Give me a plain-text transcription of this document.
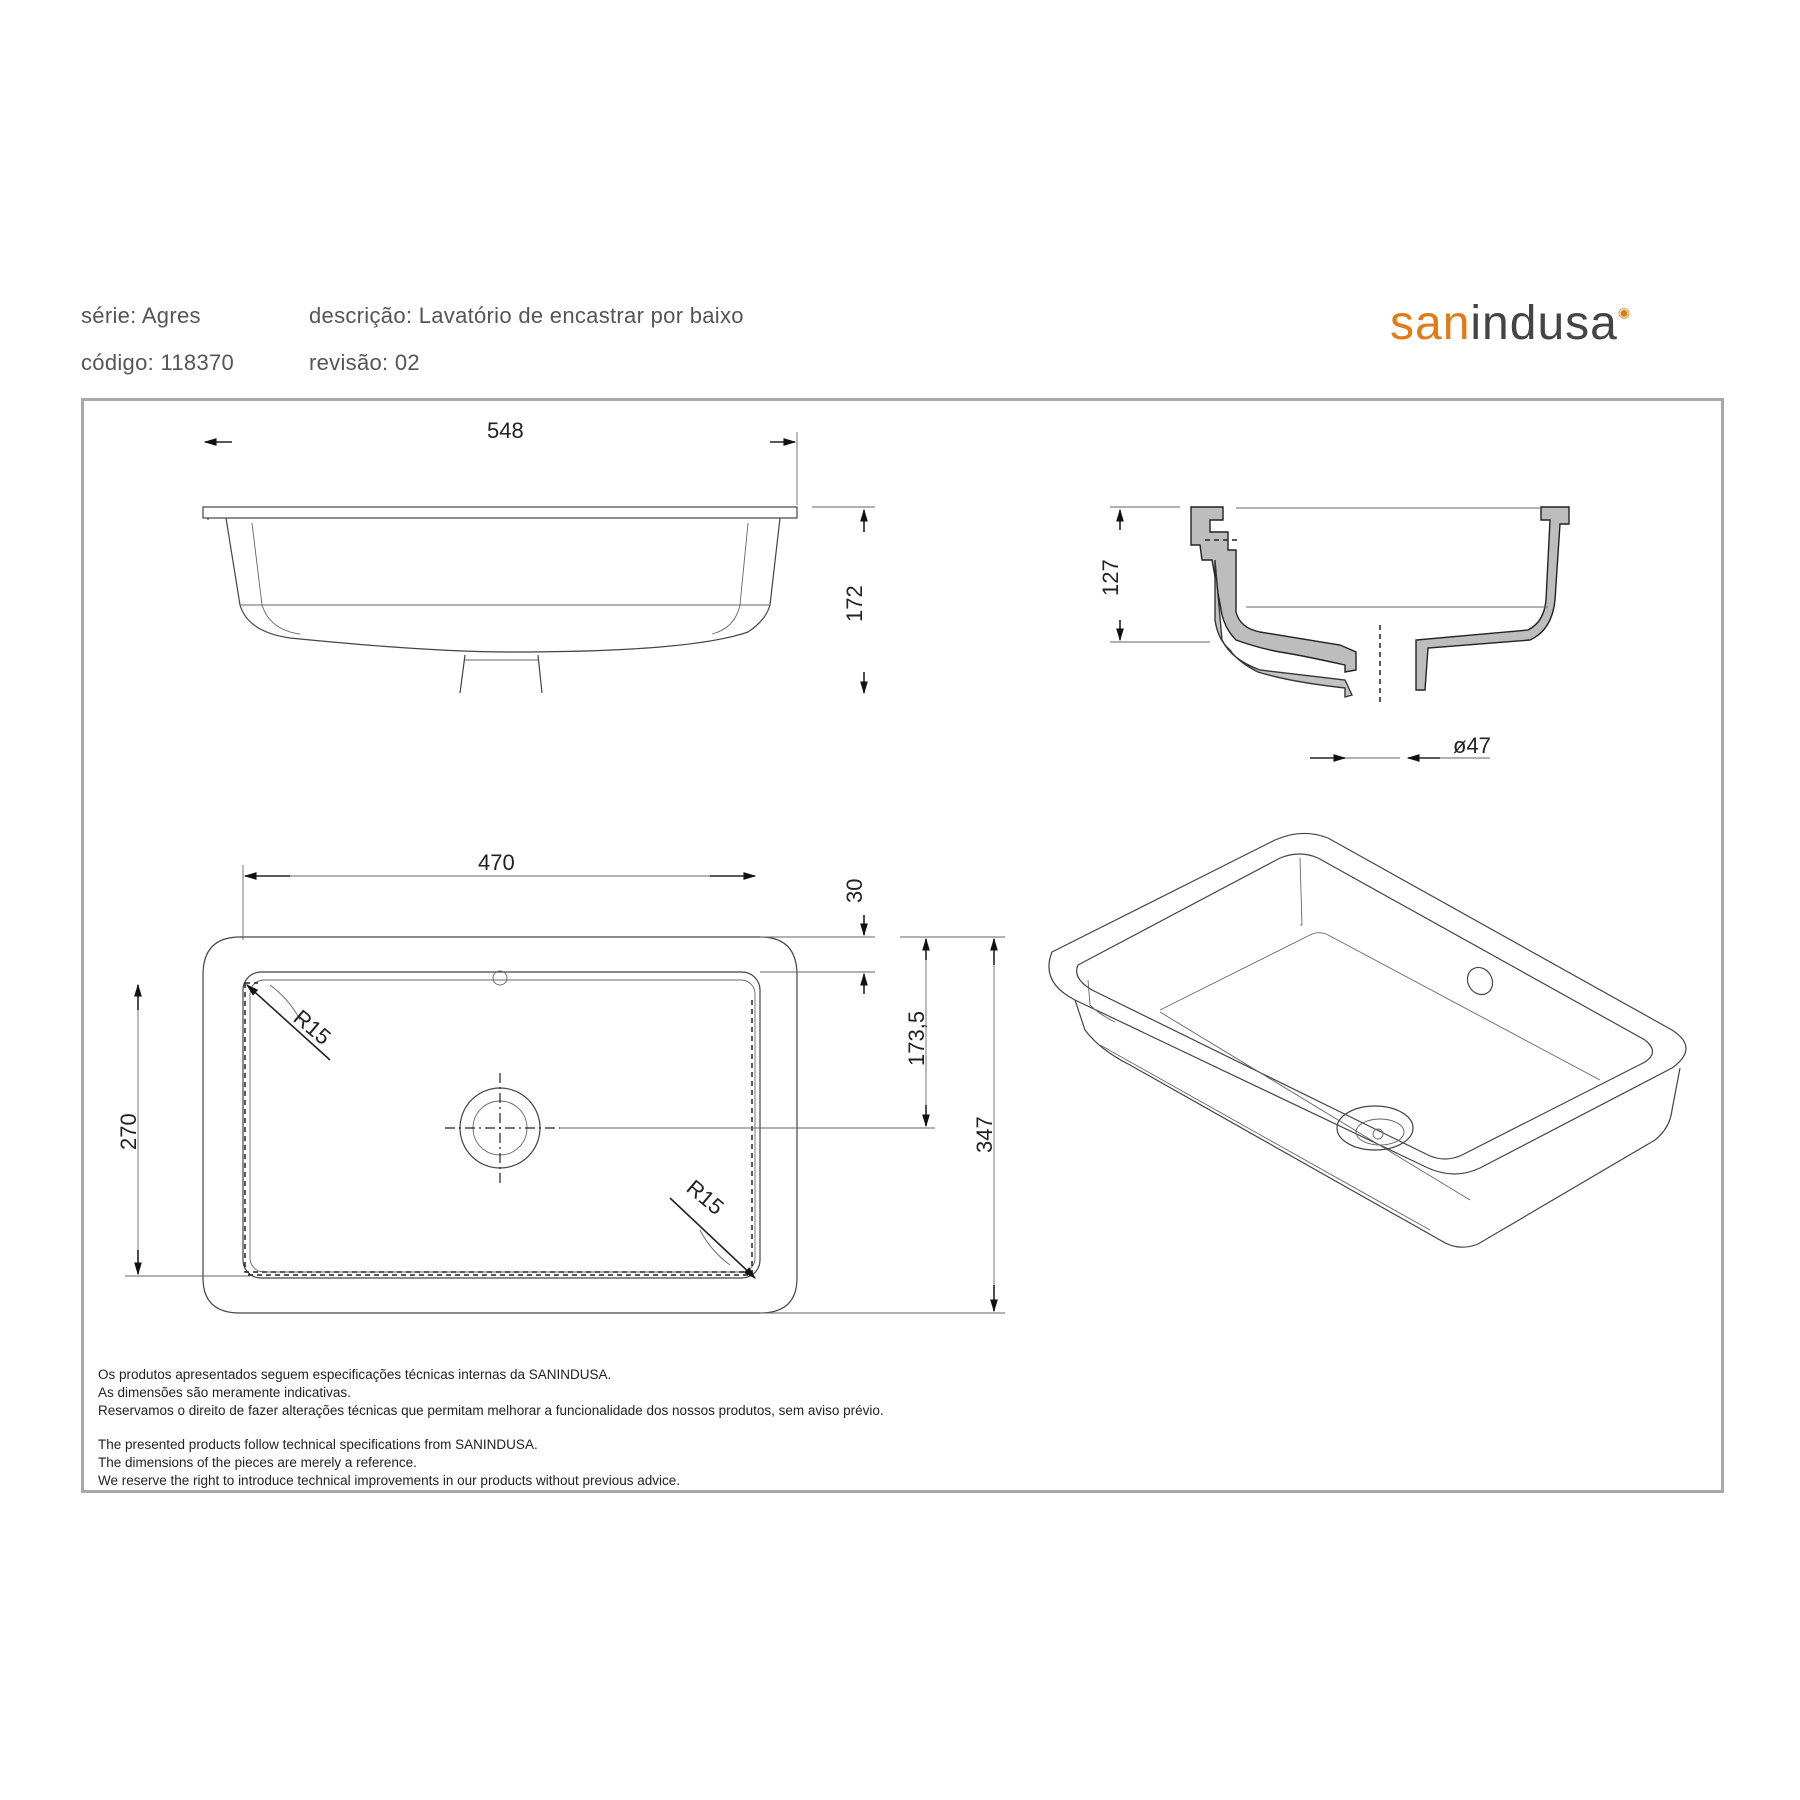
série: Agres
código: 118370
descrição: Lavatório de encastrar por baixo
revisão: 02
sanindusa◉
548
172
127
ø47
470
30
173,5
270	347
R15
R15
Os produtos apresentados seguem especificações técnicas internas da SANINDUSA.
As dimensões são meramente indicativas.
Reservamos o direito de fazer alterações técnicas que permitam melhorar a funcionalidade dos nossos produtos, sem aviso prévio.
The presented products follow technical specifications from SANINDUSA.
The dimensions of the pieces are merely a reference.
We reserve the right to introduce technical improvements in our products without previous advice.
